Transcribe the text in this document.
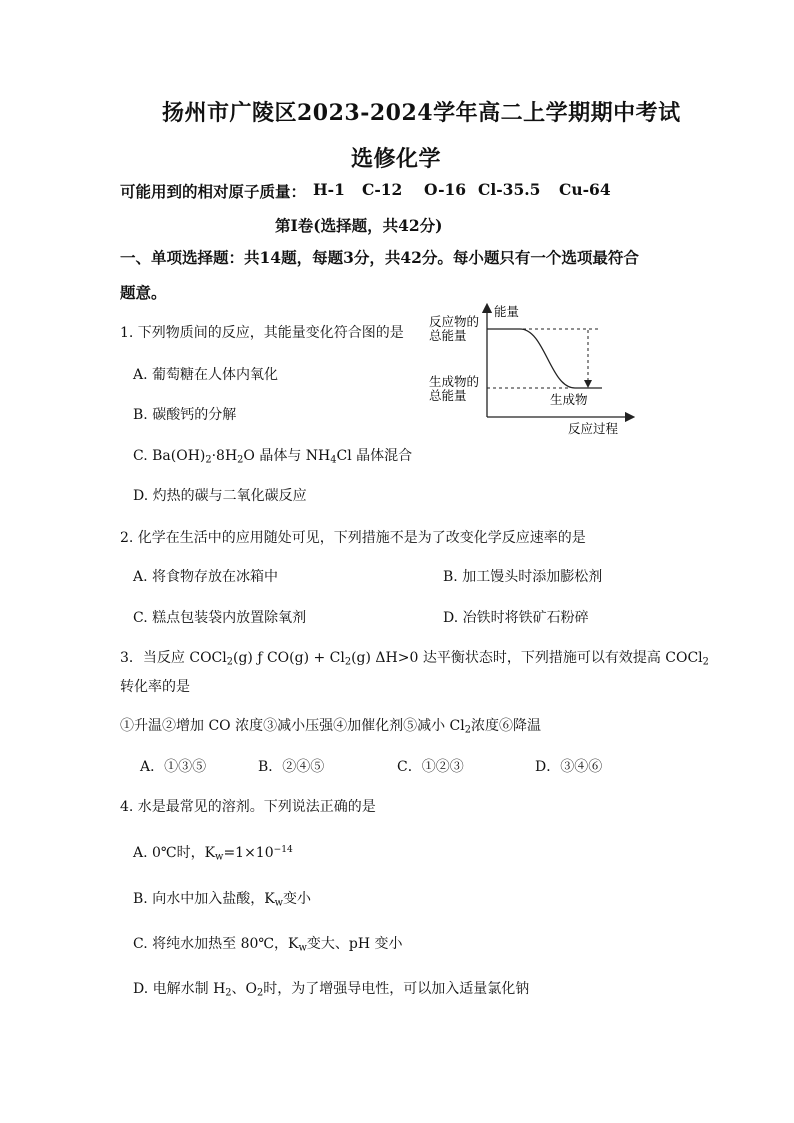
扬州市广陵区2023-2024学年高二上学期期中考试
选修化学
可能用到的相对原子质量： H-1 C-12 O-16 Cl-35.5 Cu-64
第Ⅰ卷(选择题，共42分)
一、单项选择题：共14题，每题3分，共42分。每小题只有一个选项最符合
题意。
1. 下列物质间的反应，其能量变化符合图的是
A. 葡萄糖在人体内氧化
B. 碳酸钙的分解
C. $Ba(OH)_2\cdot 8H_2O$ 晶体与 $NH_4Cl$ 晶体混合
D. 灼热的碳与二氧化碳反应
能量
反应过程
反应物的
总能量
生成物的
总能量	生成物
2. 化学在生活中的应用随处可见，下列措施不是为了改变化学反应速率的是
A. 将食物存放在冰箱中	B. 加工馒头时添加膨松剂
C. 糕点包装袋内放置除氧剂	D. 冶铁时将铁矿石粉碎
3．当反应 COCl$_2$(g) ƒ $CO(g) + Cl_2(g)$ ΔH>0 达平衡状态时，下列措施可以有效提高 COCl$_2$
转化率的是
①升温②增加 CO 浓度③减小压强④加催化剂⑤减小 $Cl_2$浓度⑥降温
A．①③⑤	B．②④⑤	C．①②③	D．③④⑥
4. 水是最常见的溶剂。下列说法正确的是
A. 0℃时，$K_w=1\times 10^{-14}$
B. 向水中加入盐酸，$K_w$变小
C. 将纯水加热至 80℃，$K_w$变大、pH 变小
D. 电解水制 $H_2$、$O_2$时，为了增强导电性，可以加入适量氯化钠
